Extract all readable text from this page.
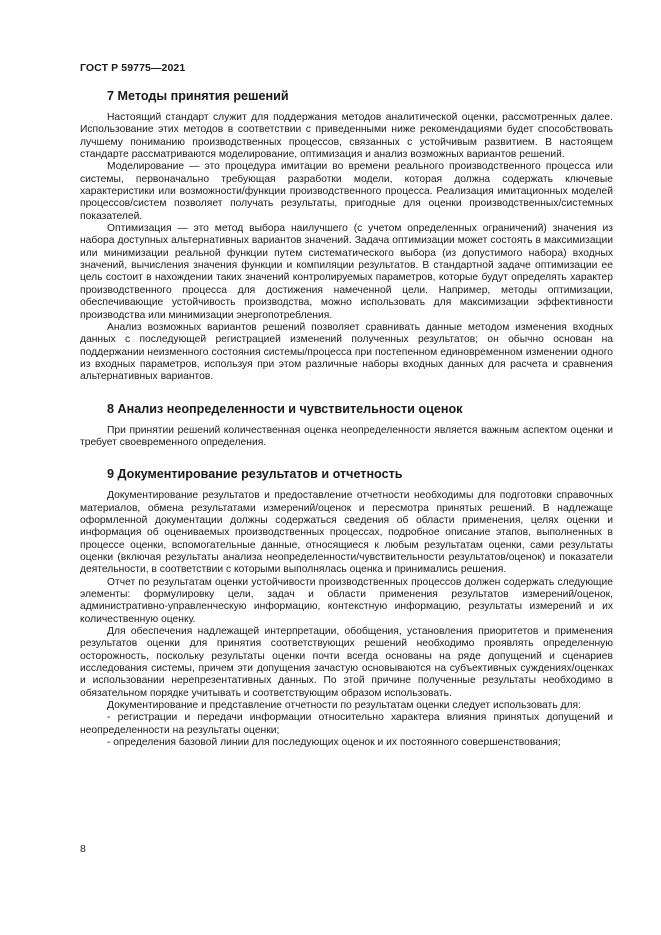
ГОСТ Р 59775—2021
7 Методы принятия решений

Настоящий стандарт служит для поддержания методов аналитической оценки, рассмотренных далее. Использование этих методов в соответствии с приведенными ниже рекомендациями будет способствовать лучшему пониманию производственных процессов, связанных с устойчивым развитием. В настоящем стандарте рассматриваются моделирование, оптимизация и анализ возможных вариантов решений.

Моделирование — это процедура имитации во времени реального производственного процесса или системы, первоначально требующая разработки модели, которая должна содержать ключевые характеристики или возможности/функции производственного процесса. Реализация имитационных моделей процессов/систем позволяет получать результаты, пригодные для оценки производственных/системных показателей.

Оптимизация — это метод выбора наилучшего (с учетом определенных ограничений) значения из набора доступных альтернативных вариантов значений. Задача оптимизации может состоять в максимизации или минимизации реальной функции путем систематического выбора (из допустимого набора) входных значений, вычисления значения функции и компиляции результатов. В стандартной задаче оптимизации ее цель состоит в нахождении таких значений контролируемых параметров, которые будут определять характер производственного процесса для достижения намеченной цели. Например, методы оптимизации, обеспечивающие устойчивость производства, можно использовать для максимизации эффективности производства или минимизации энергопотребления.

Анализ возможных вариантов решений позволяет сравнивать данные методом изменения входных данных с последующей регистрацией изменений полученных результатов; он обычно основан на поддержании неизменного состояния системы/процесса при постепенном единовременном изменении одного из входных параметров, используя при этом различные наборы входных данных для расчета и сравнения альтернативных вариантов.

8 Анализ неопределенности и чувствительности оценок

При принятии решений количественная оценка неопределенности является важным аспектом оценки и требует своевременного определения.

9 Документирование результатов и отчетность

Документирование результатов и предоставление отчетности необходимы для подготовки справочных материалов, обмена результатами измерений/оценок и пересмотра принятых решений. В надлежаще оформленной документации должны содержаться сведения об области применения, целях оценки и информация об оцениваемых производственных процессах, подробное описание этапов, выполненных в процессе оценки, вспомогательные данные, относящиеся к любым результатам оценки, сами результаты оценки (включая результаты анализа неопределенности/чувствительности результатов/оценок) и показатели деятельности, в соответствии с которыми выполнялась оценка и принимались решения.

Отчет по результатам оценки устойчивости производственных процессов должен содержать следующие элементы: формулировку цели, задач и области применения результатов измерений/оценок, административно-управленческую информацию, контекстную информацию, результаты измерений и их количественную оценку.

Для обеспечения надлежащей интерпретации, обобщения, установления приоритетов и применения результатов оценки для принятия соответствующих решений необходимо проявлять определенную осторожность, поскольку результаты оценки почти всегда основаны на ряде допущений и сценариев исследования системы, причем эти допущения зачастую основываются на субъективных суждениях/оценках и использовании нерепрезентативных данных. По этой причине полученные результаты необходимо в обязательном порядке учитывать и соответствующим образом использовать.

Документирование и представление отчетности по результатам оценки следует использовать для:

- регистрации и передачи информации относительно характера влияния принятых допущений и неопределенности на результаты оценки;

- определения базовой линии для последующих оценок и их постоянного совершенствования;

8
